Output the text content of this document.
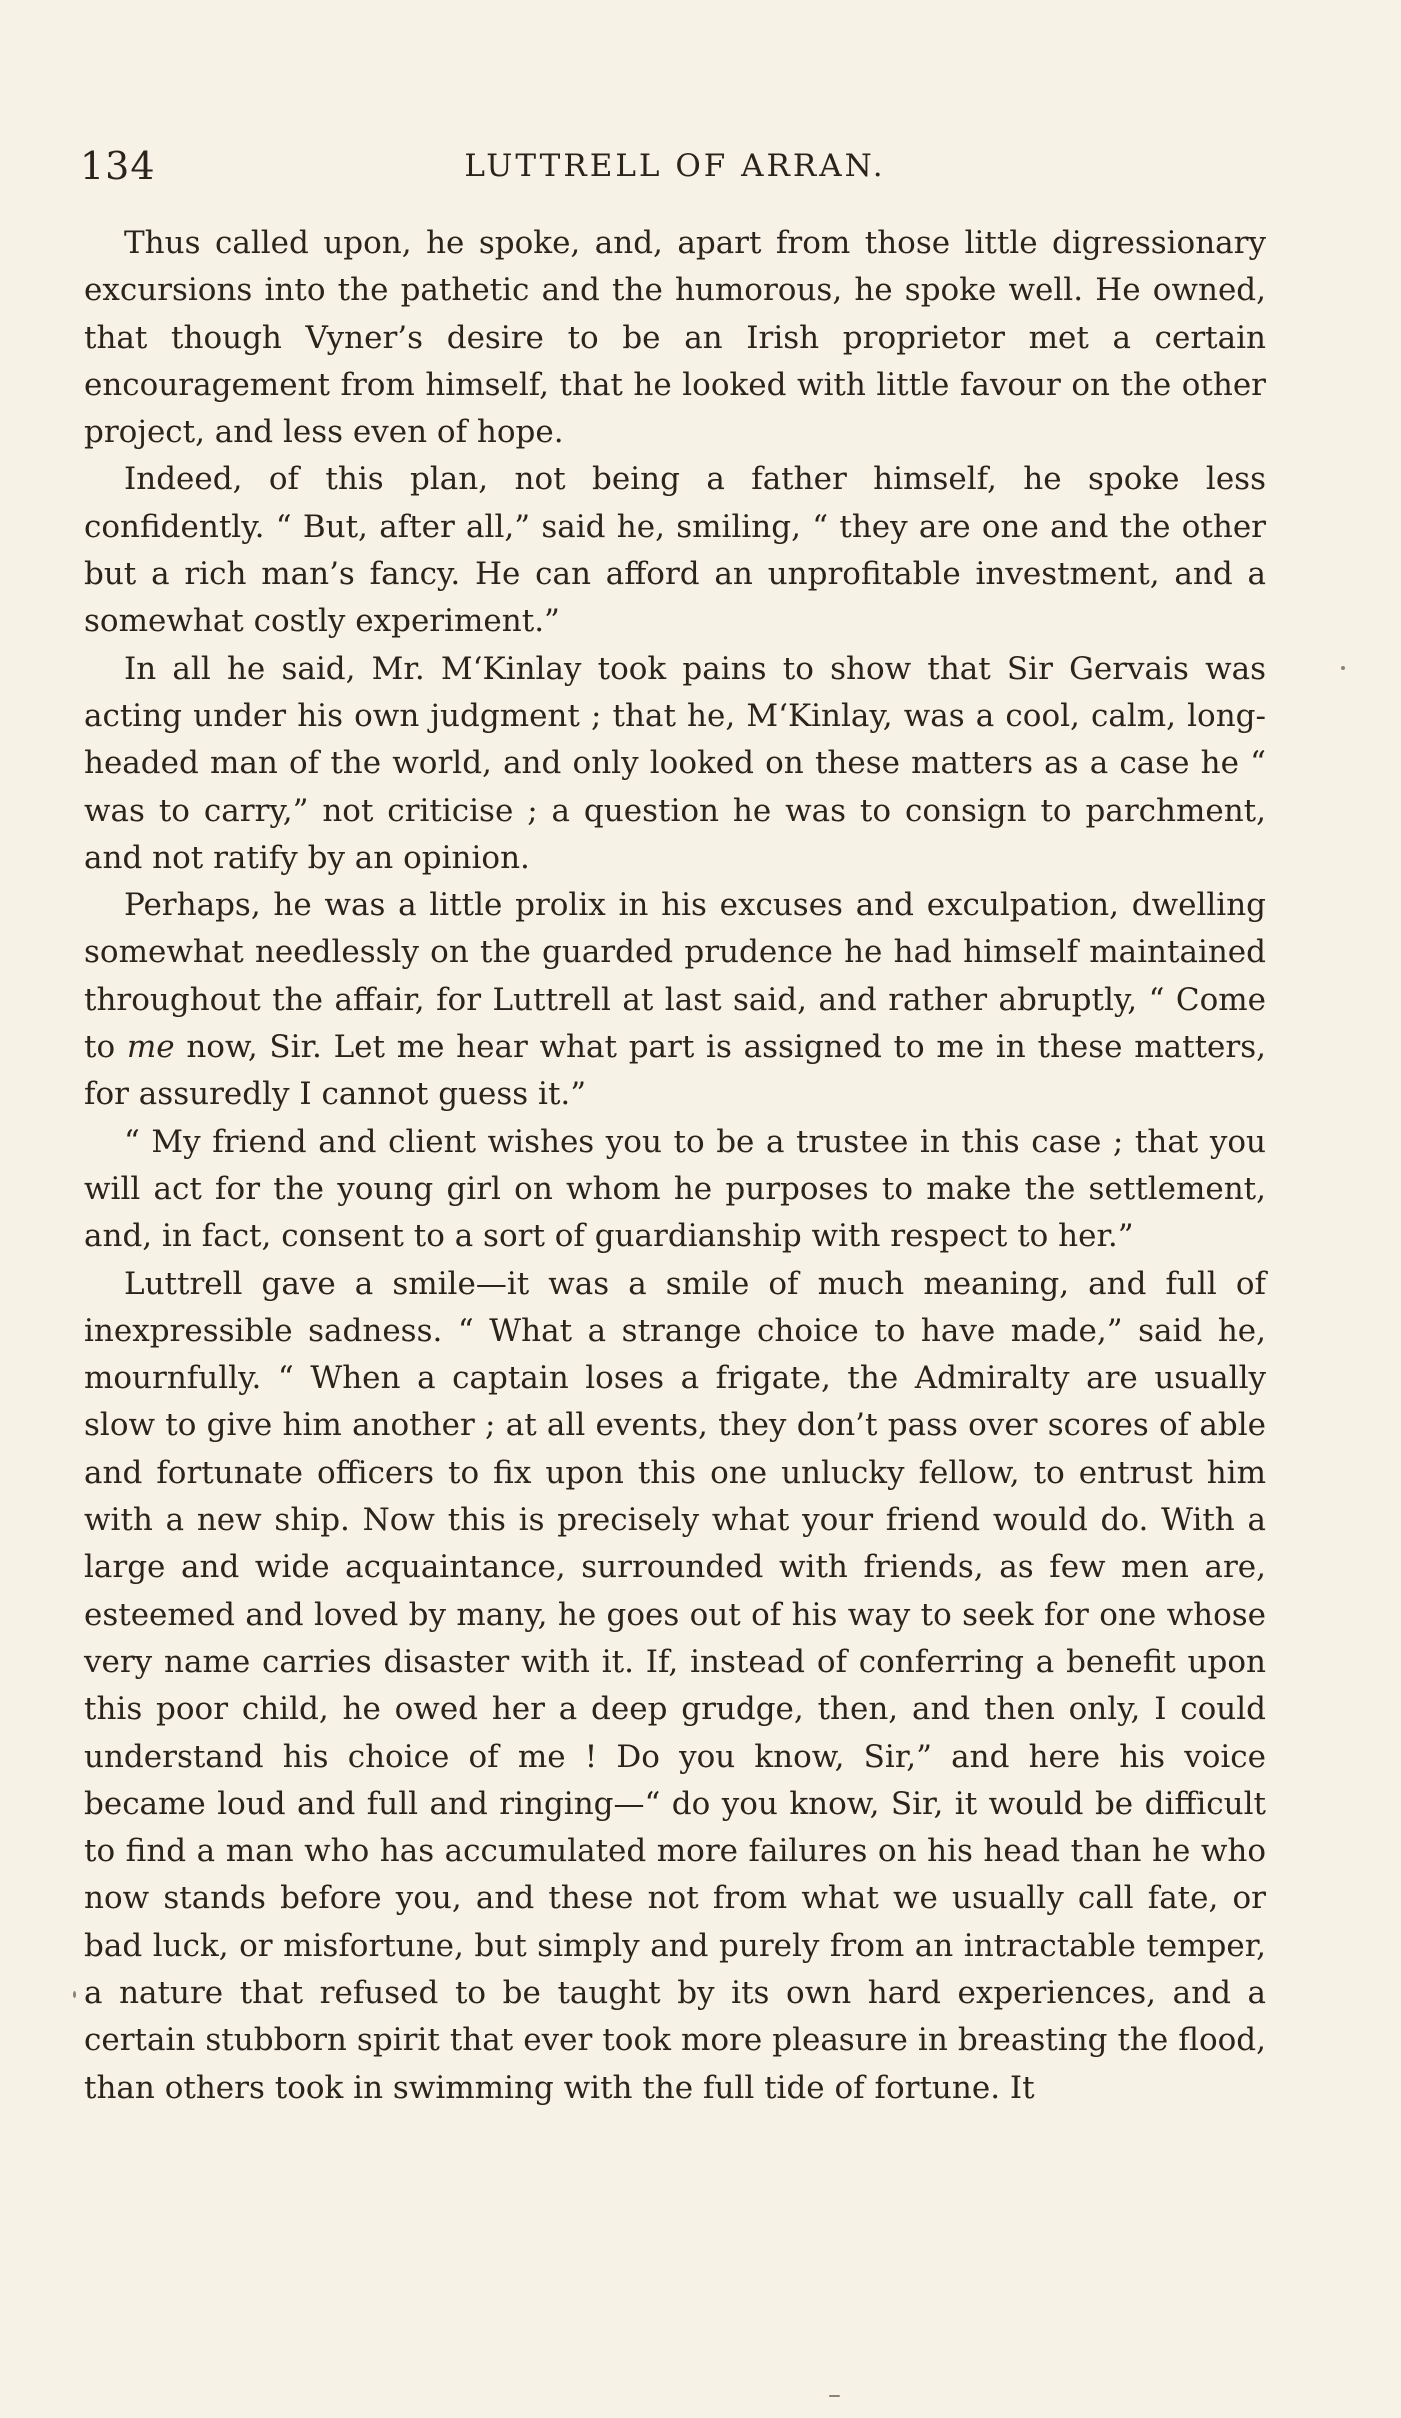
134	LUTTRELL OF ARRAN.

Thus called upon, he spoke, and, apart from those little digressionary excursions into the pathetic and the humorous, he spoke well. He owned, that though Vyner’s desire to be an Irish proprietor met a certain encouragement from himself, that he looked with little favour on the other project, and less even of hope.

Indeed, of this plan, not being a father himself, he spoke less confidently. “ But, after all,” said he, smiling, “ they are one and the other but a rich man’s fancy. He can afford an unprofitable investment, and a somewhat costly experiment.”

In all he said, Mr. M‘Kinlay took pains to show that Sir Gervais was acting under his own judgment ; that he, M‘Kinlay, was a cool, calm, long-headed man of the world, and only looked on these matters as a case he “ was to carry,” not criticise ; a question he was to consign to parchment, and not ratify by an opinion.

Perhaps, he was a little prolix in his excuses and exculpation, dwelling somewhat needlessly on the guarded prudence he had himself maintained throughout the affair, for Luttrell at last said, and rather abruptly, “ Come to me now, Sir. Let me hear what part is assigned to me in these matters, for assuredly I cannot guess it.”

“ My friend and client wishes you to be a trustee in this case ; that you will act for the young girl on whom he purposes to make the settlement, and, in fact, consent to a sort of guardianship with respect to her.”

Luttrell gave a smile—it was a smile of much meaning, and full of inexpressible sadness. “ What a strange choice to have made,” said he, mournfully. “ When a captain loses a frigate, the Admiralty are usually slow to give him another ; at all events, they don’t pass over scores of able and fortunate officers to fix upon this one unlucky fellow, to entrust him with a new ship. Now this is precisely what your friend would do. With a large and wide acquaintance, surrounded with friends, as few men are, esteemed and loved by many, he goes out of his way to seek for one whose very name carries disaster with it. If, instead of conferring a benefit upon this poor child, he owed her a deep grudge, then, and then only, I could understand his choice of me ! Do you know, Sir,” and here his voice became loud and full and ringing—“ do you know, Sir, it would be difficult to find a man who has accumulated more failures on his head than he who now stands before you, and these not from what we usually call fate, or bad luck, or misfortune, but simply and purely from an intractable temper, a nature that refused to be taught by its own hard experiences, and a certain stubborn spirit that ever took more pleasure in breasting the flood, than others took in swimming with the full tide of fortune. It
